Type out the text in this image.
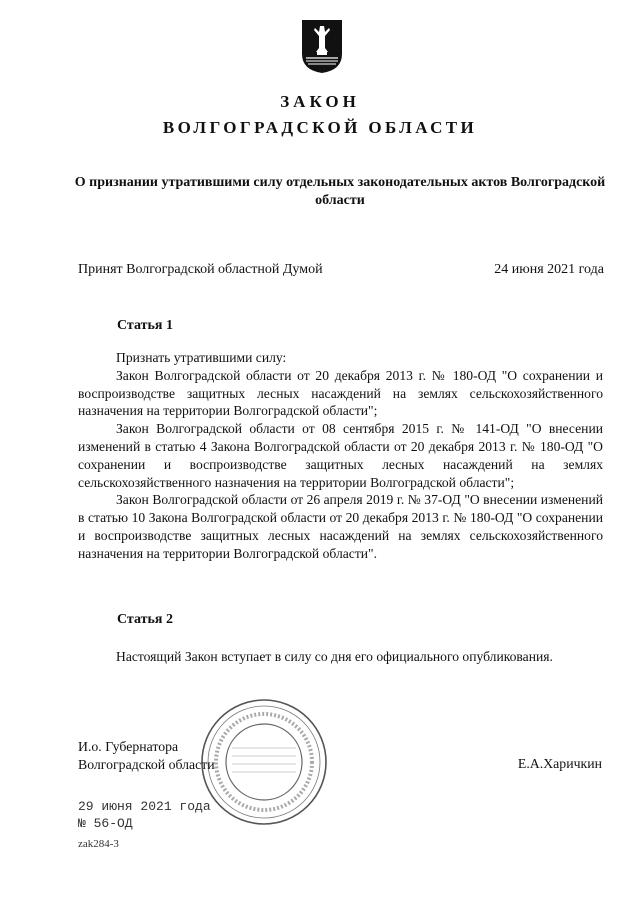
ЗАКОН
ВОЛГОГРАДСКОЙ ОБЛАСТИ
О признании утратившими силу отдельных законодательных актов Волгоградской области
Принят Волгоградской областной Думой	24 июня 2021 года
Статья 1

Признать утратившими силу:

Закон Волгоградской области от 20 декабря 2013 г. № 180-ОД "О сохранении и воспроизводстве защитных лесных насаждений на землях сельскохозяйственного назначения на территории Волгоградской области";

Закон Волгоградской области от 08 сентября 2015 г. № 141-ОД "О внесении изменений в статью 4 Закона Волгоградской области от 20 декабря 2013 г. № 180-ОД "О сохранении и воспроизводстве защитных лесных насаждений на землях сельскохозяйственного назначения на территории Волгоградской области";

Закон Волгоградской области от 26 апреля 2019 г. № 37-ОД "О внесении изменений в статью 10 Закона Волгоградской области от 20 декабря 2013 г. № 180-ОД "О сохранении и воспроизводстве защитных лесных насаждений на землях сельскохозяйственного назначения на территории Волгоградской области".

Статья 2

Настоящий Закон вступает в силу со дня его официального опубликования.

И.о. Губернатора
Волгоградской области	Е.А.Харичкин
29 июня 2021 года
№ 56-ОД
zak284-3
